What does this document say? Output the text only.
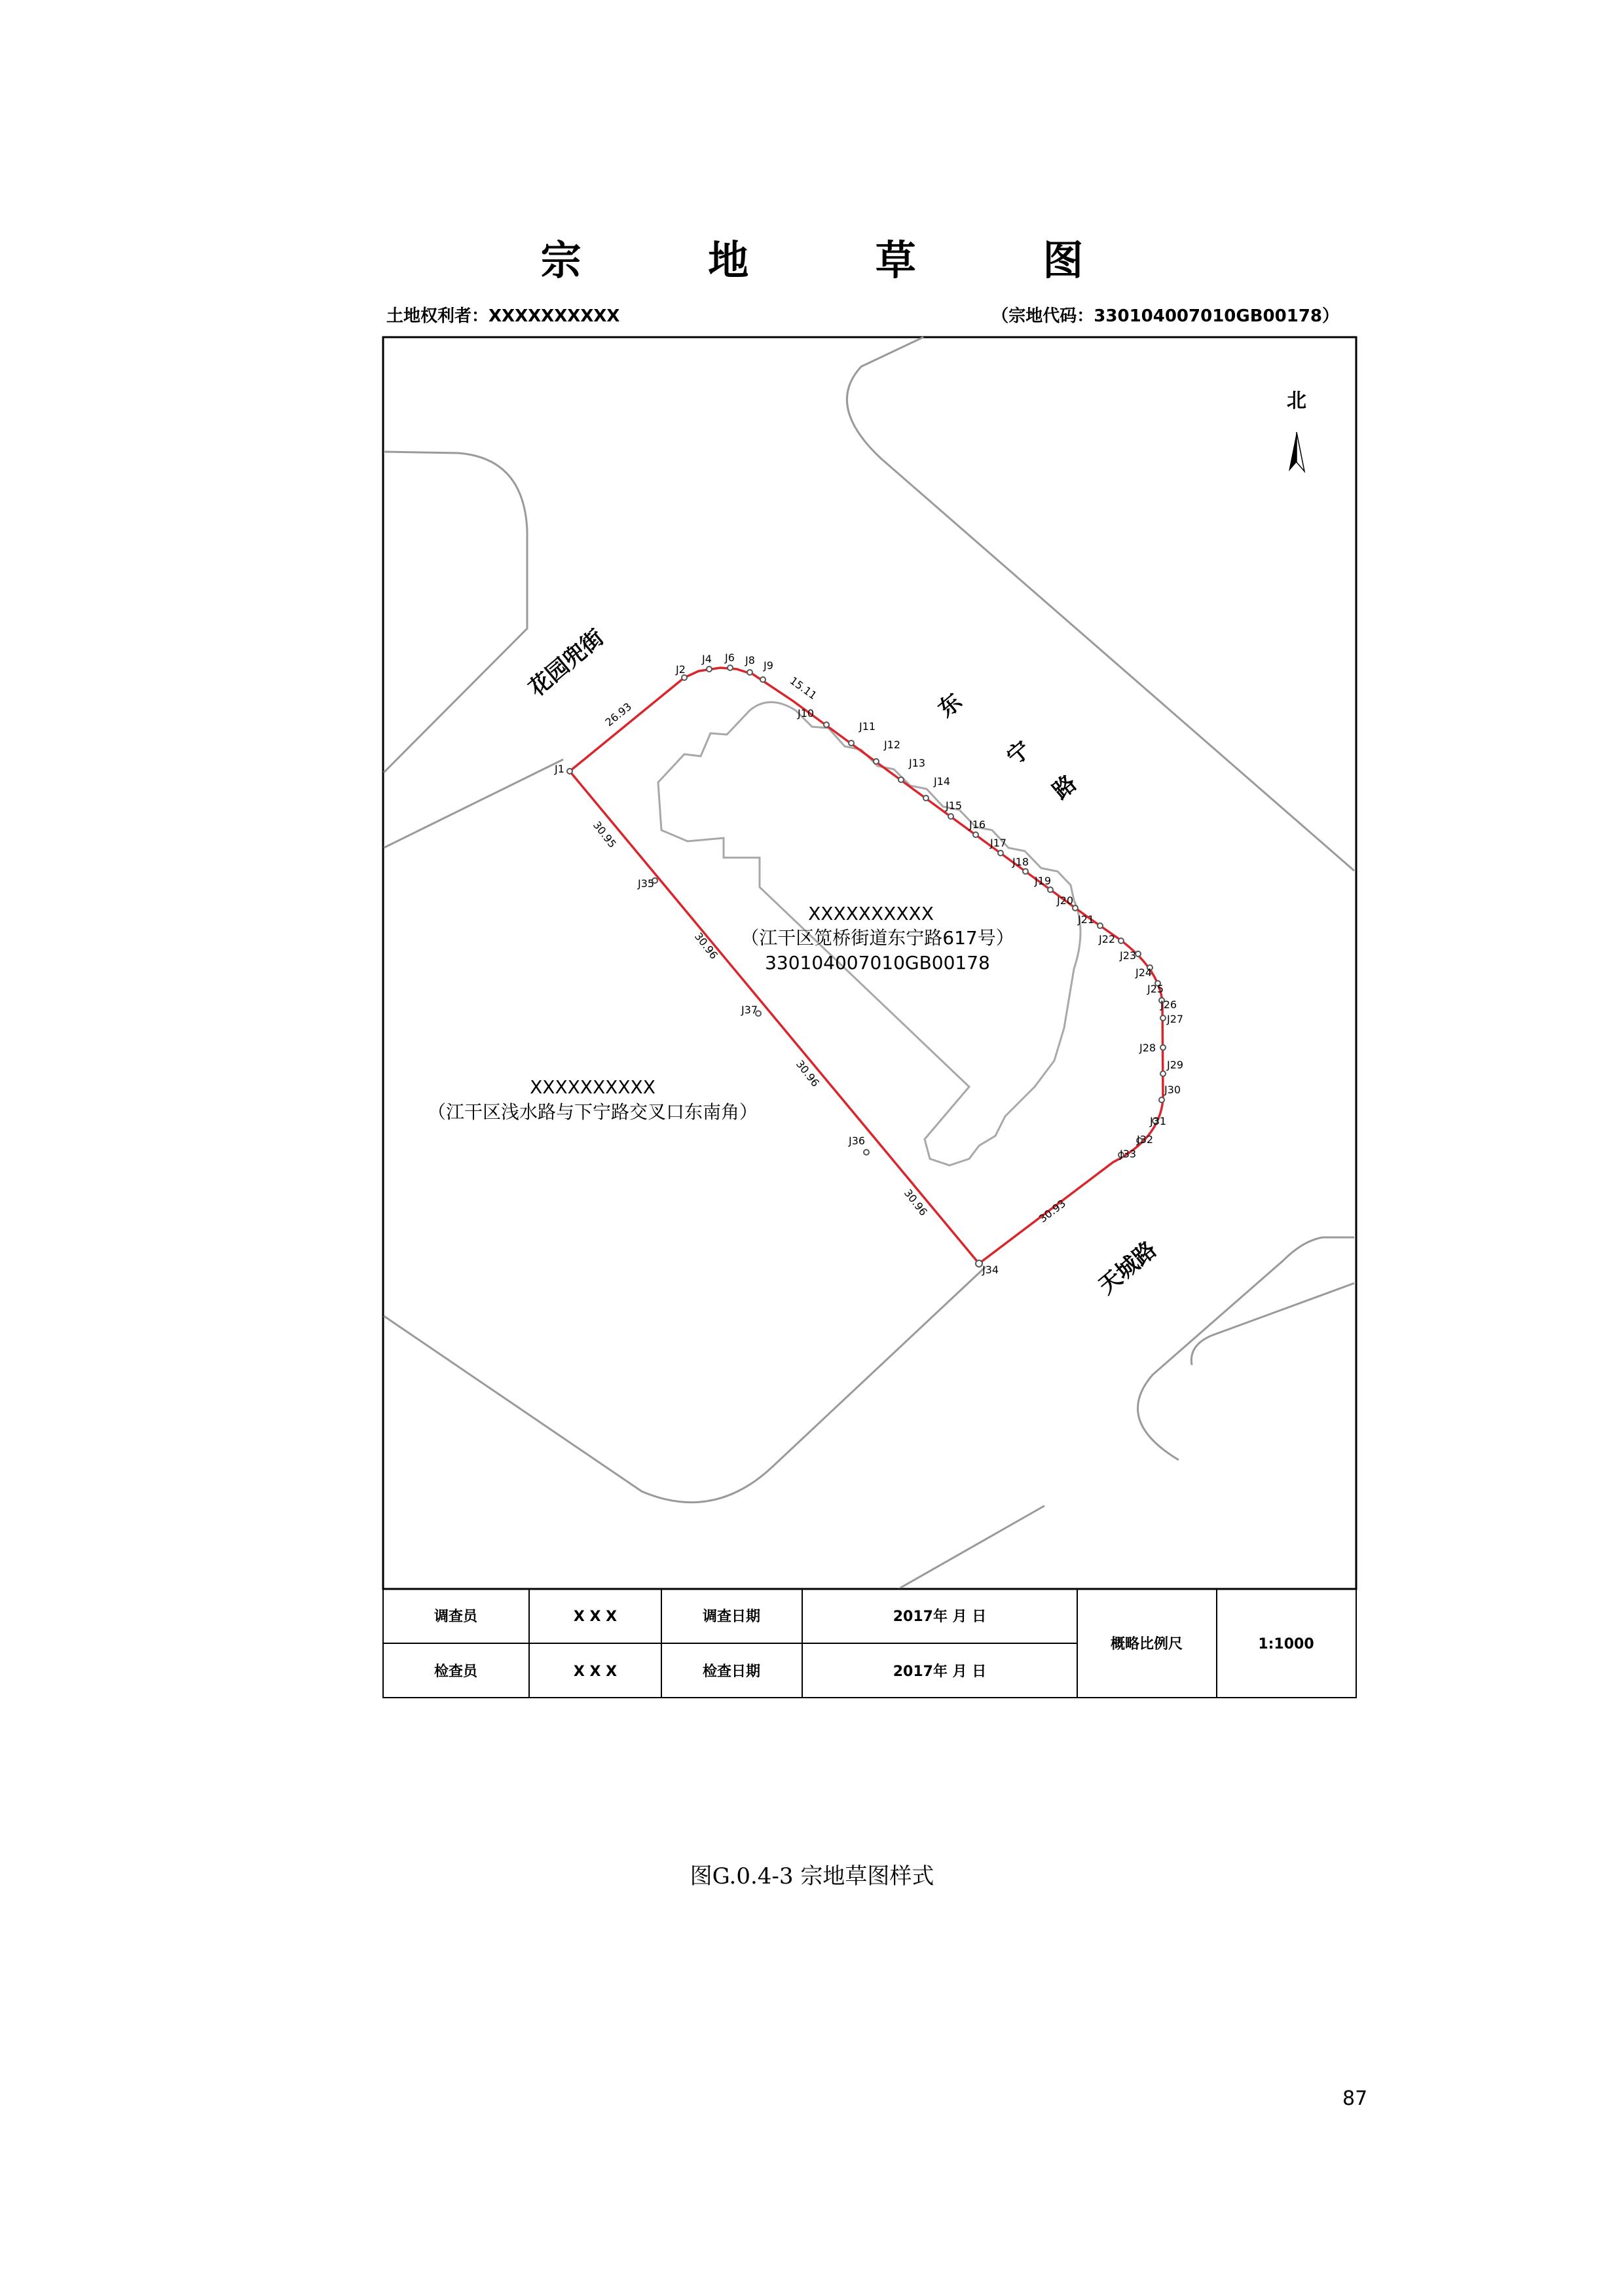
宗 地 草 图
土地权利者：XXXXXXXXXX	（宗地代码：330104007010GB00178）
北
J1
J2
J4 J6 J8 J9
J10
J11
J12
J13
J14
J15
J16
J17
J18
J19
J20
J21
J22
J23
J24
J25
J26
J27
J28
J29
J30
J31
J32
J33
J34
J35
J36
J37
26.93
15.11
30.95
30.96
30.96
30.96	30.93
花园兜街
东
宁
路
天城路
XXXXXXXXXX
（江干区笕桥街道东宁路617号）
330104007010GB00178
XXXXXXXXXX
（江干区浅水路与下宁路交叉口东南角）
调查员	X X X	调查日期	2017年 月 日
检查员	X X X	检查日期	2017年 月 日
概略比例尺	1:1000
图G.0.4-3 宗地草图样式
87
